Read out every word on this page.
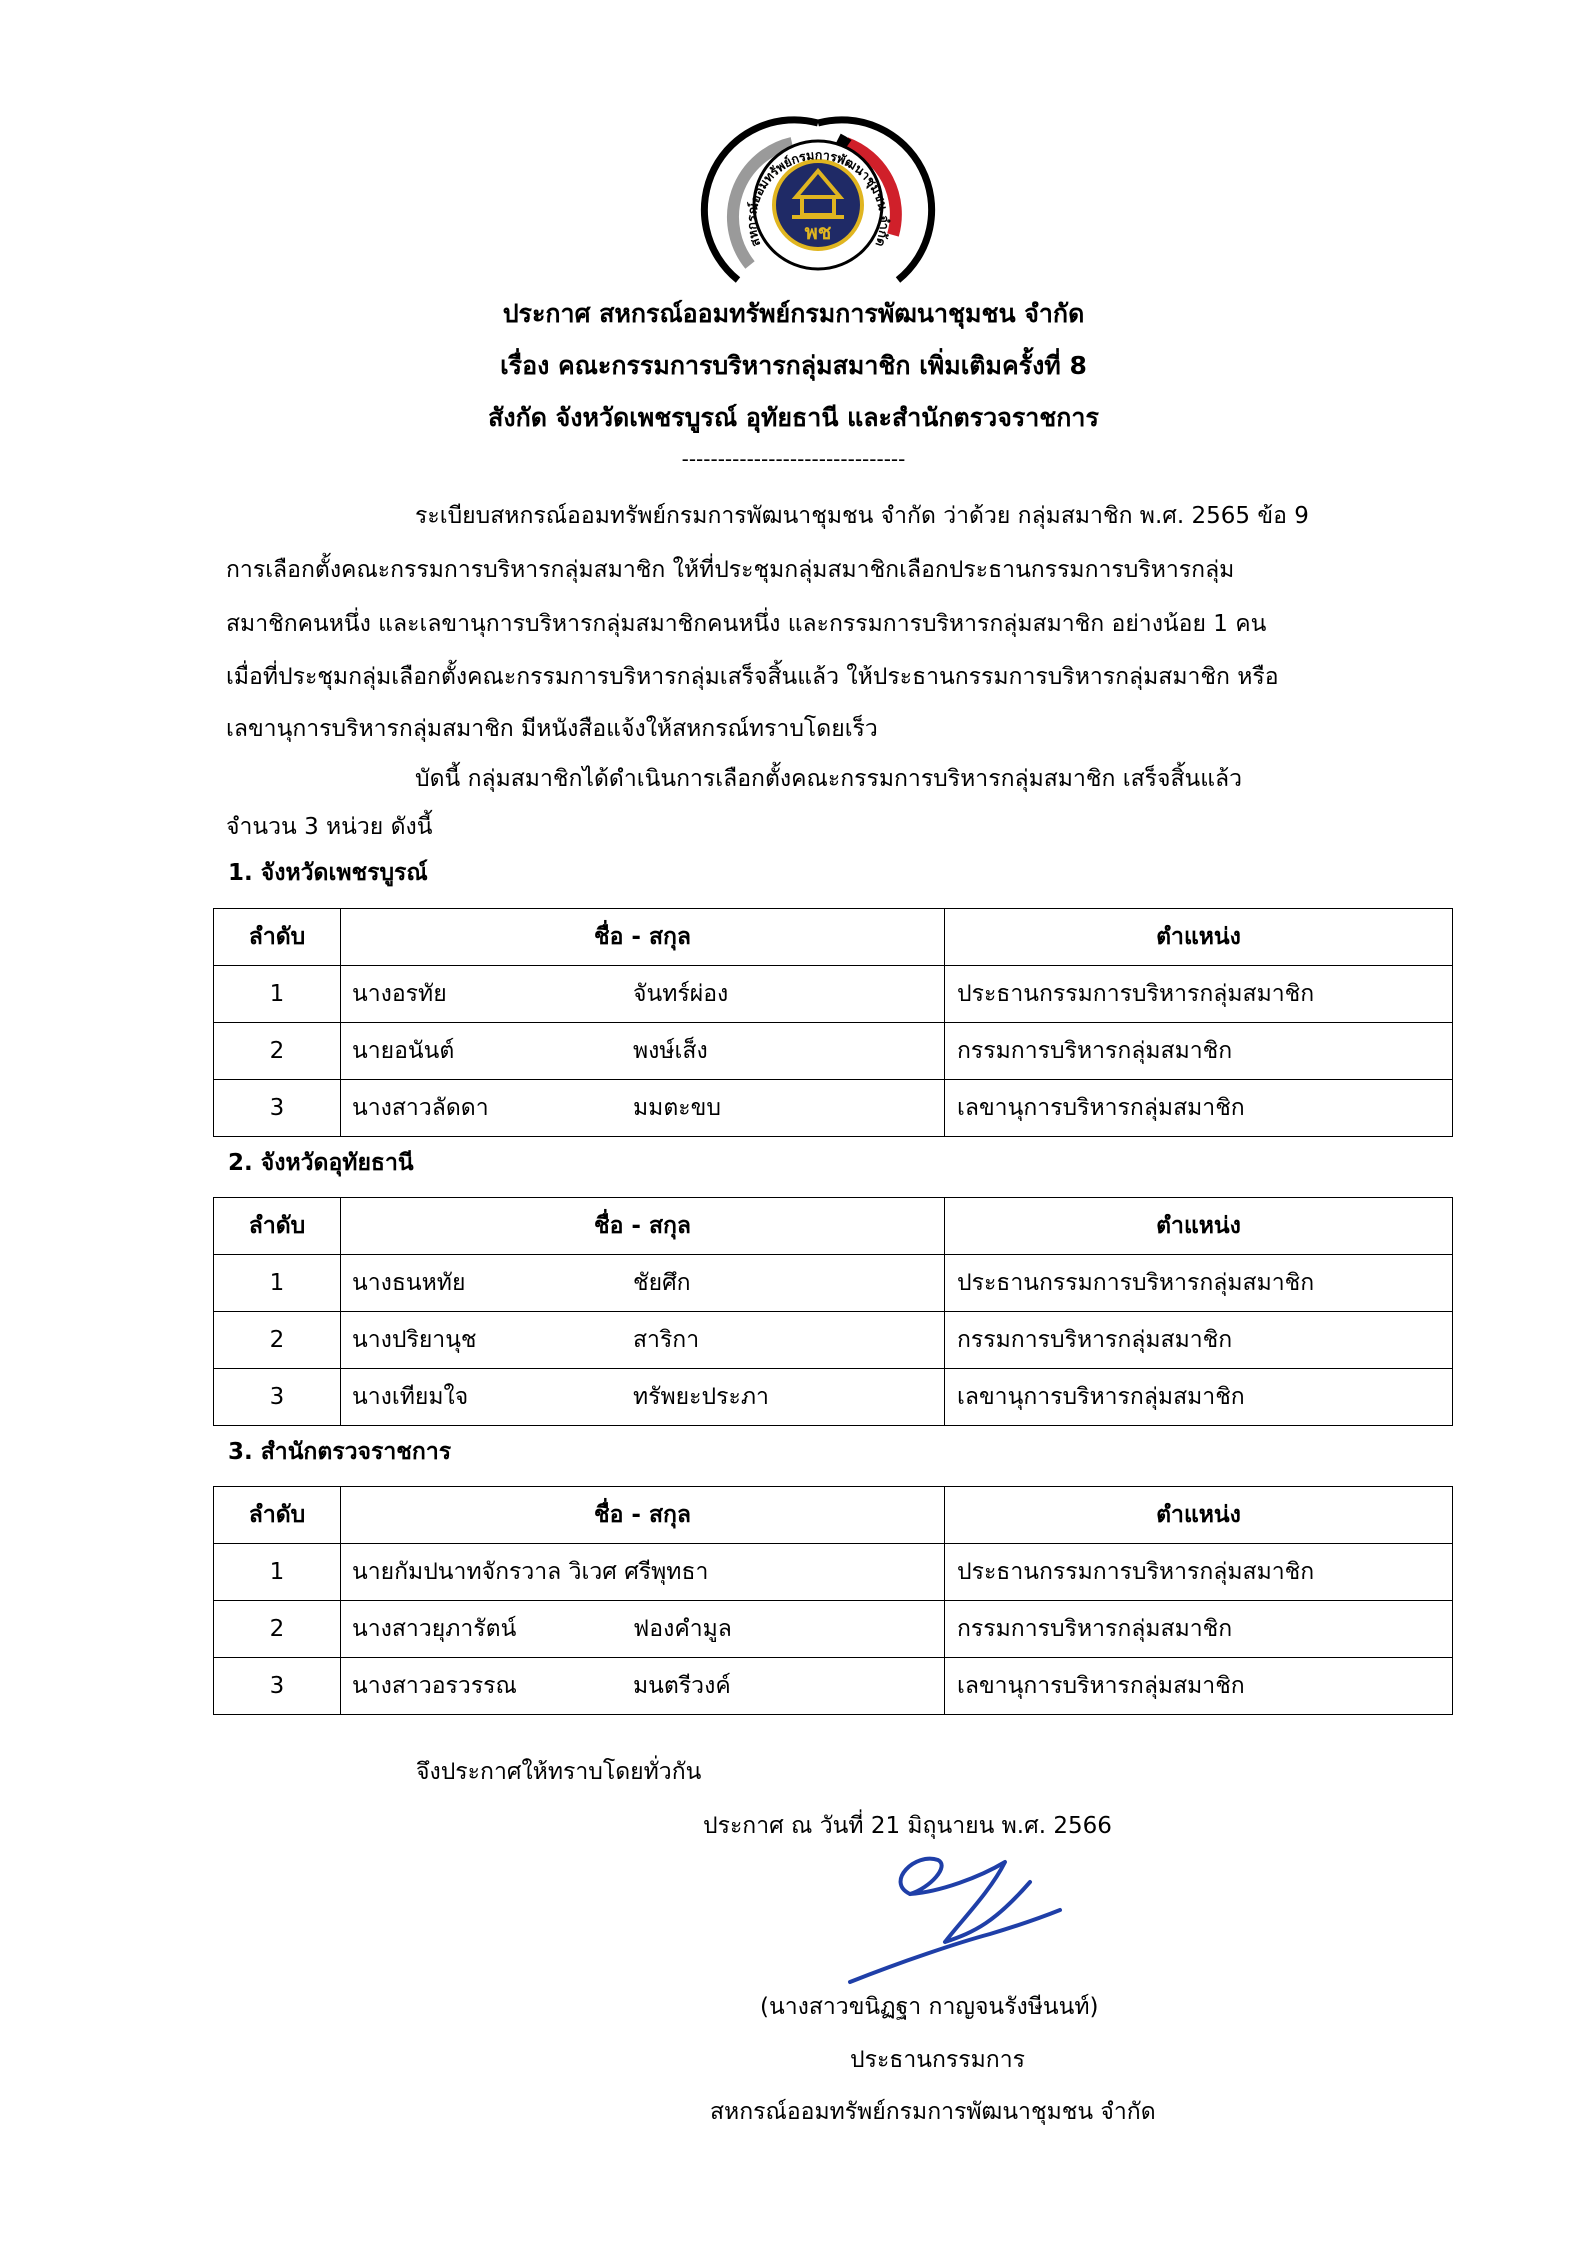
พช
สหกรณ์ออมทรัพย์กรมการพัฒนาชุมชน จำกัด
ประกาศ สหกรณ์ออมทรัพย์กรมการพัฒนาชุมชน จำกัด
เรื่อง คณะกรรมการบริหารกลุ่มสมาชิก เพิ่มเติมครั้งที่ 8
สังกัด จังหวัดเพชรบูรณ์ อุทัยธานี และสำนักตรวจราชการ
-------------------------------
ระเบียบสหกรณ์ออมทรัพย์กรมการพัฒนาชุมชน จำกัด ว่าด้วย กลุ่มสมาชิก พ.ศ. 2565 ข้อ 9
การเลือกตั้งคณะกรรมการบริหารกลุ่มสมาชิก ให้ที่ประชุมกลุ่มสมาชิกเลือกประธานกรรมการบริหารกลุ่ม
สมาชิกคนหนึ่ง และเลขานุการบริหารกลุ่มสมาชิกคนหนึ่ง และกรรมการบริหารกลุ่มสมาชิก อย่างน้อย 1 คน
เมื่อที่ประชุมกลุ่มเลือกตั้งคณะกรรมการบริหารกลุ่มเสร็จสิ้นแล้ว ให้ประธานกรรมการบริหารกลุ่มสมาชิก หรือ
เลขานุการบริหารกลุ่มสมาชิก มีหนังสือแจ้งให้สหกรณ์ทราบโดยเร็ว
บัดนี้ กลุ่มสมาชิกได้ดำเนินการเลือกตั้งคณะกรรมการบริหารกลุ่มสมาชิก เสร็จสิ้นแล้ว
จำนวน 3 หน่วย ดังนี้
1. จังหวัดเพชรบูรณ์
ลำดับ	ชื่อ - สกุล	ตำแหน่ง
1	นางอรทัย จันทร์ผ่อง	ประธานกรรมการบริหารกลุ่มสมาชิก
2	นายอนันต์ พงษ์เส็ง	กรรมการบริหารกลุ่มสมาชิก
3	นางสาวลัดดา มมตะขบ	เลขานุการบริหารกลุ่มสมาชิก
2. จังหวัดอุทัยธานี
ลำดับ	ชื่อ - สกุล	ตำแหน่ง
1	นางธนหทัย ชัยศึก	ประธานกรรมการบริหารกลุ่มสมาชิก
2	นางปริยานุช สาริกา	กรรมการบริหารกลุ่มสมาชิก
3	นางเทียมใจ ทรัพยะประภา	เลขานุการบริหารกลุ่มสมาชิก
3. สำนักตรวจราชการ
ลำดับ	ชื่อ - สกุล	ตำแหน่ง
1	นายกัมปนาทจักรวาล วิเวศ ศรีพุทธา	ประธานกรรมการบริหารกลุ่มสมาชิก
2	นางสาวยุภารัตน์ ฟองคำมูล	กรรมการบริหารกลุ่มสมาชิก
3	นางสาวอรวรรณ มนตรีวงค์	เลขานุการบริหารกลุ่มสมาชิก
จึงประกาศให้ทราบโดยทั่วกัน
ประกาศ ณ วันที่ 21 มิถุนายน พ.ศ. 2566
(นางสาวขนิฏฐา กาญจนรังษีนนท์)
ประธานกรรมการ
สหกรณ์ออมทรัพย์กรมการพัฒนาชุมชน จำกัด
